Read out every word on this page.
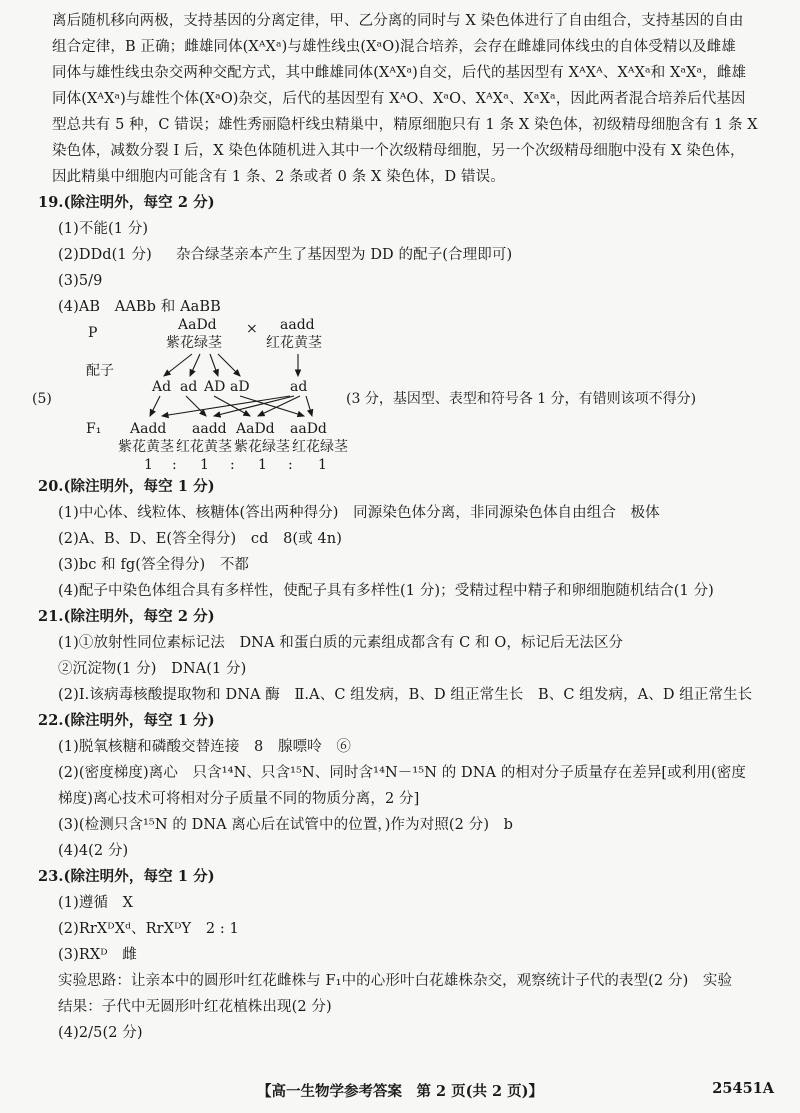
离后随机移向两极，支持基因的分离定律，甲、乙分离的同时与 X 染色体进行了自由组合，支持基因的自由

组合定律，B 正确；雌雄同体(XᴬXᵃ)与雄性线虫(XᵃO)混合培养，会存在雌雄同体线虫的自体受精以及雌雄

同体与雄性线虫杂交两种交配方式，其中雌雄同体(XᴬXᵃ)自交，后代的基因型有 XᴬXᴬ、XᴬXᵃ和 XᵃXᵃ，雌雄

同体(XᴬXᵃ)与雄性个体(XᵃO)杂交，后代的基因型有 XᴬO、XᵃO、XᴬXᵃ、XᵃXᵃ，因此两者混合培养后代基因

型总共有 5 种，C 错误；雄性秀丽隐杆线虫精巢中，精原细胞只有 1 条 X 染色体，初级精母细胞含有 1 条 X

染色体，减数分裂 Ⅰ 后，X 染色体随机进入其中一个次级精母细胞，另一个次级精母细胞中没有 X 染色体，

因此精巢中细胞内可能含有 1 条、2 条或者 0 条 X 染色体，D 错误。

19.(除注明外，每空 2 分)

(1)不能(1 分)

(2)DDd(1 分) 杂合绿茎亲本产生了基因型为 DD 的配子(合理即可)

(3)5/9

(4)AB　AABb 和 AaBB

P	AaDd × aadd
紫花绿茎	红花黄茎
配子
Ad ad AD aD	ad
(5)
F₁ Aadd aadd AaDd aaDd
紫花黄茎 红花黄茎 紫花绿茎 红花绿茎
1 : 1 : 1 : 1
(3 分，基因型、表型和符号各 1 分，有错则该项不得分)

20.(除注明外，每空 1 分)

(1)中心体、线粒体、核糖体(答出两种得分)　同源染色体分离，非同源染色体自由组合　极体

(2)A、B、D、E(答全得分)　cd　8(或 4n)

(3)bc 和 fg(答全得分)　不都

(4)配子中染色体组合具有多样性，使配子具有多样性(1 分)；受精过程中精子和卵细胞随机结合(1 分)

21.(除注明外，每空 2 分)

(1)①放射性同位素标记法　DNA 和蛋白质的元素组成都含有 C 和 O，标记后无法区分

②沉淀物(1 分)　DNA(1 分)

(2)Ⅰ.该病毒核酸提取物和 DNA 酶　Ⅱ.A、C 组发病，B、D 组正常生长　B、C 组发病，A、D 组正常生长

22.(除注明外，每空 1 分)

(1)脱氧核糖和磷酸交替连接　8　腺嘌呤　⑥

(2)(密度梯度)离心　只含¹⁴N、只含¹⁵N、同时含¹⁴N－¹⁵N 的 DNA 的相对分子质量存在差异[或利用(密度

梯度)离心技术可将相对分子质量不同的物质分离，2 分]

(3)(检测只含¹⁵N 的 DNA 离心后在试管中的位置，)作为对照(2 分)　b

(4)4(2 分)

23.(除注明外，每空 1 分)

(1)遵循　X

(2)RrXᴰXᵈ、RrXᴰY　2 : 1

(3)RXᴰ　雌

实验思路：让亲本中的圆形叶红花雌株与 F₁中的心形叶白花雄株杂交，观察统计子代的表型(2 分)　实验

结果：子代中无圆形叶红花植株出现(2 分)

(4)2/5(2 分)

【高一生物学参考答案　第 2 页(共 2 页)】	25451A
